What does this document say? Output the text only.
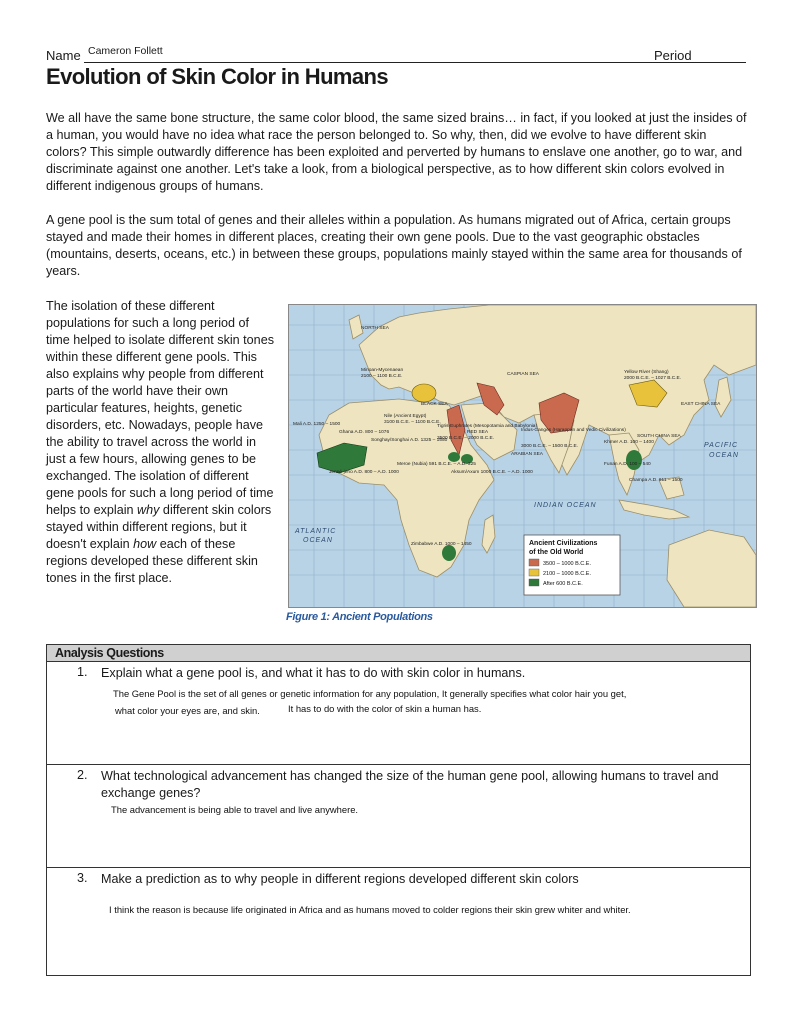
Name Cameron Follett	Period
Evolution of Skin Color in Humans

We all have the same bone structure, the same color blood, the same sized brains… in fact, if you looked at just the insides of a human, you would have no idea what race the person belonged to. So why, then, did we evolve to have different skin colors? This simple outwardly difference has been exploited and perverted by humans to enslave one another, go to war, and discriminate against one another. Let's take a look, from a biological perspective, as to how different skin colors evolved in different indigenous groups of humans.

A gene pool is the sum total of genes and their alleles within a population. As humans migrated out of Africa, certain groups stayed and made their homes in different places, creating their own gene pools. Due to the vast geographic obstacles (mountains, deserts, oceans, etc.) in between these groups, populations mainly stayed within the same area for thousands of years.

The isolation of these different populations for such a long period of time helped to isolate different skin tones within these different gene pools. This also explains why people from different parts of the world have their own particular features, heights, genetic disorders, etc. Nowadays, people have the ability to travel across the world in just a few hours, allowing genes to be exchanged. The isolation of different gene pools for such a long period of time helps to explain why different skin colors stayed within different regions, but it doesn't explain how each of these regions developed these different skin tones in the first place.

Minoan-Mycenaean
2100 – 1100 B.C.E.
Nile (Ancient Egypt)
3100 B.C.E. – 1100 B.C.E.
Tigris-Euphrates (Mesopotamia and Babylonia)
3500 B.C.E. – 2000 B.C.E.
Indus-Ganges (Harappan and Vedic Civilizations)
3000 B.C.E. – 1500 B.C.E.
Yellow River (Shang)
2000 B.C.E. – 1027 B.C.E.
Mali A.D. 1250 – 1500
Ghana A.D. 800 – 1076
Songhay/Songhai A.D. 1325 – 1550
Jenné-jeno A.D. 800 – A.D. 1000
Meroe (Nubia) 591 B.C.E. – A.D. 325
Aksum/Axum 1000 B.C.E. – A.D. 1000
Khmer A.D. 100 – 1400
Funan A.D. 100 – 540
Champa A.D. 611 – 1500
Zimbabwe A.D. 1000 – 1450
BLACK SEA
RED SEA
ARABIAN SEA
SOUTH CHINA SEA
EAST CHINA SEA
NORTH SEA
CASPIAN SEA
ATLANTIC
OCEAN
INDIAN OCEAN
PACIFIC
OCEAN
Ancient Civilizations
of the Old World
3500 – 1000 B.C.E.
2100 – 1000 B.C.E.
After 600 B.C.E.
Figure 1: Ancient Populations
Analysis Questions
1. Explain what a gene pool is, and what it has to do with skin color in humans.
The Gene Pool is the set of all genes or genetic information for any population, It generally specifies what color hair you get,
what color your eyes are, and skin.	It has to do with the color of skin a human has.
2. What technological advancement has changed the size of the human gene pool, allowing humans to travel and exchange genes?
The advancement is being able to travel and live anywhere.
3. Make a prediction as to why people in different regions developed different skin colors
I think the reason is because life originated in Africa and as humans moved to colder regions their skin grew whiter and whiter.
